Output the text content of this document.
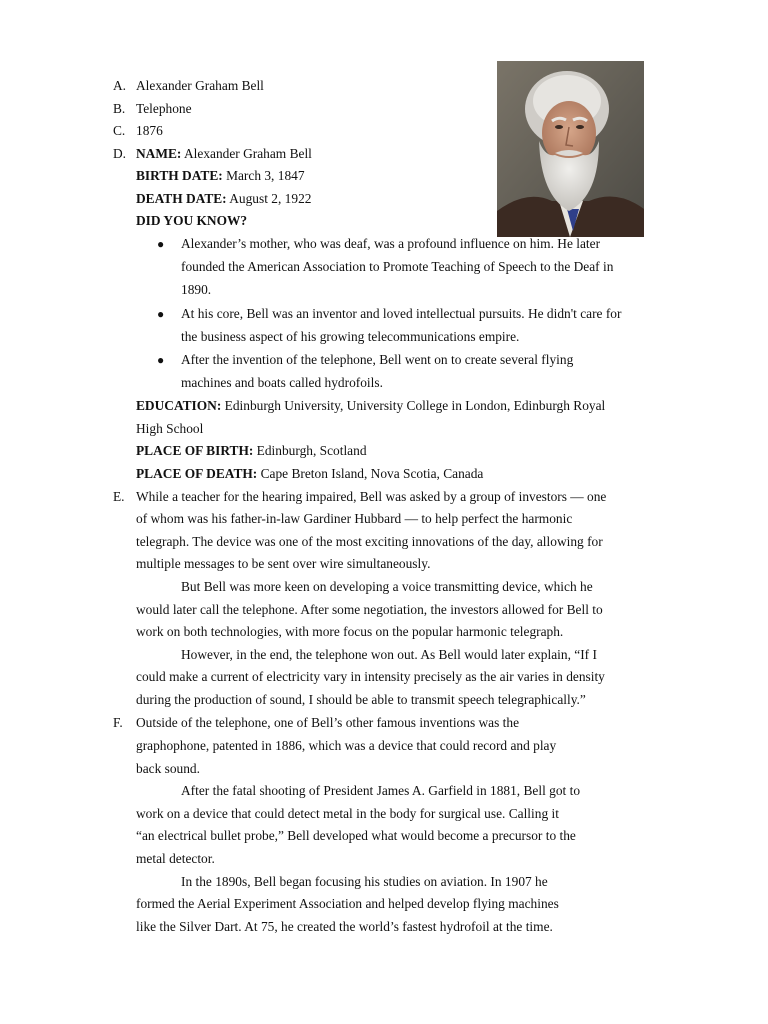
A.
B.
C.
D.
E.
F.
Alexander Graham Bell
Telephone
1876
NAME: Alexander Graham Bell
BIRTH DATE: March 3, 1847
DEATH DATE: August 2, 1922
DID YOU KNOW?
● Alexander’s mother, who was deaf, was a profound influence on him. He later
founded the American Association to Promote Teaching of Speech to the Deaf in
1890.
● At his core, Bell was an inventor and loved intellectual pursuits. He didn't care for
the business aspect of his growing telecommunications empire.
● After the invention of the telephone, Bell went on to create several flying
machines and boats called hydrofoils.
EDUCATION: Edinburgh University, University College in London, Edinburgh Royal
High School
PLACE OF BIRTH: Edinburgh, Scotland
PLACE OF DEATH: Cape Breton Island, Nova Scotia, Canada
While a teacher for the hearing impaired, Bell was asked by a group of investors — one
of whom was his father-in-law Gardiner Hubbard — to help perfect the harmonic
telegraph. The device was one of the most exciting innovations of the day, allowing for
multiple messages to be sent over wire simultaneously.
But Bell was more keen on developing a voice transmitting device, which he
would later call the telephone. After some negotiation, the investors allowed for Bell to
work on both technologies, with more focus on the popular harmonic telegraph.
However, in the end, the telephone won out. As Bell would later explain, “If I
could make a current of electricity vary in intensity precisely as the air varies in density
during the production of sound, I should be able to transmit speech telegraphically.”
Outside of the telephone, one of Bell’s other famous inventions was the
graphophone, patented in 1886, which was a device that could record and play
back sound.
After the fatal shooting of President James A. Garfield in 1881, Bell got to
work on a device that could detect metal in the body for surgical use. Calling it
“an electrical bullet probe,” Bell developed what would become a precursor to the
metal detector.
In the 1890s, Bell began focusing his studies on aviation. In 1907 he
formed the Aerial Experiment Association and helped develop flying machines
like the Silver Dart. At 75, he created the world’s fastest hydrofoil at the time.
